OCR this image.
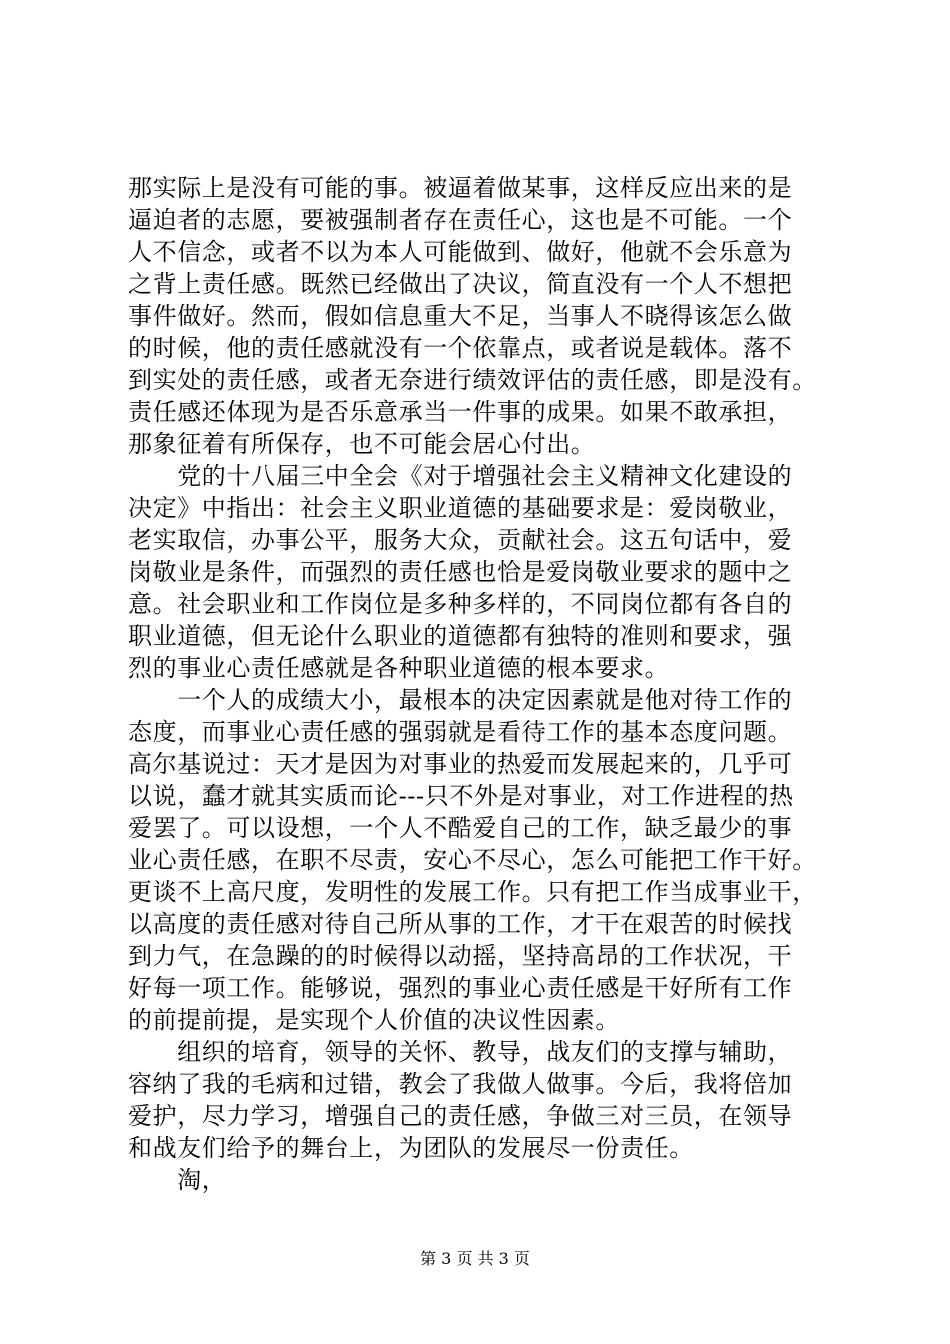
那实际上是没有可能的事。被逼着做某事，这样反应出来的是
逼迫者的志愿，要被强制者存在责任心，这也是不可能。一个
人不信念，或者不以为本人可能做到、做好，他就不会乐意为
之背上责任感。既然已经做出了决议，简直没有一个人不想把
事件做好。然而，假如信息重大不足，当事人不晓得该怎么做
的时候，他的责任感就没有一个依靠点，或者说是载体。落不
到实处的责任感，或者无奈进行绩效评估的责任感，即是没有。
责任感还体现为是否乐意承当一件事的成果。如果不敢承担，
那象征着有所保存，也不可能会居心付出。
　　党的十八届三中全会《对于增强社会主义精神文化建设的
决定》中指出：社会主义职业道德的基础要求是：爱岗敬业，
老实取信，办事公平，服务大众，贡献社会。这五句话中，爱
岗敬业是条件，而强烈的责任感也恰是爱岗敬业要求的题中之
意。社会职业和工作岗位是多种多样的，不同岗位都有各自的
职业道德，但无论什么职业的道德都有独特的准则和要求，强
烈的事业心责任感就是各种职业道德的根本要求。
　　一个人的成绩大小，最根本的决定因素就是他对待工作的
态度，而事业心责任感的强弱就是看待工作的基本态度问题。
高尔基说过：天才是因为对事业的热爱而发展起来的，几乎可
以说，蠢才就其实质而论---只不外是对事业，对工作进程的热
爱罢了。可以设想，一个人不酷爱自己的工作，缺乏最少的事
业心责任感，在职不尽责，安心不尽心，怎么可能把工作干好。
更谈不上高尺度，发明性的发展工作。只有把工作当成事业干，
以高度的责任感对待自己所从事的工作，才干在艰苦的时候找
到力气，在急躁的的时候得以动摇，坚持高昂的工作状况，干
好每一项工作。能够说，强烈的事业心责任感是干好所有工作
的前提前提，是实现个人价值的决议性因素。
　　组织的培育，领导的关怀、教导，战友们的支撑与辅助，
容纳了我的毛病和过错，教会了我做人做事。今后，我将倍加
爱护，尽力学习，增强自己的责任感，争做三对三员，在领导
和战友们给予的舞台上，为团队的发展尽一份责任。
　　淘，
第 3 页 共 3 页
